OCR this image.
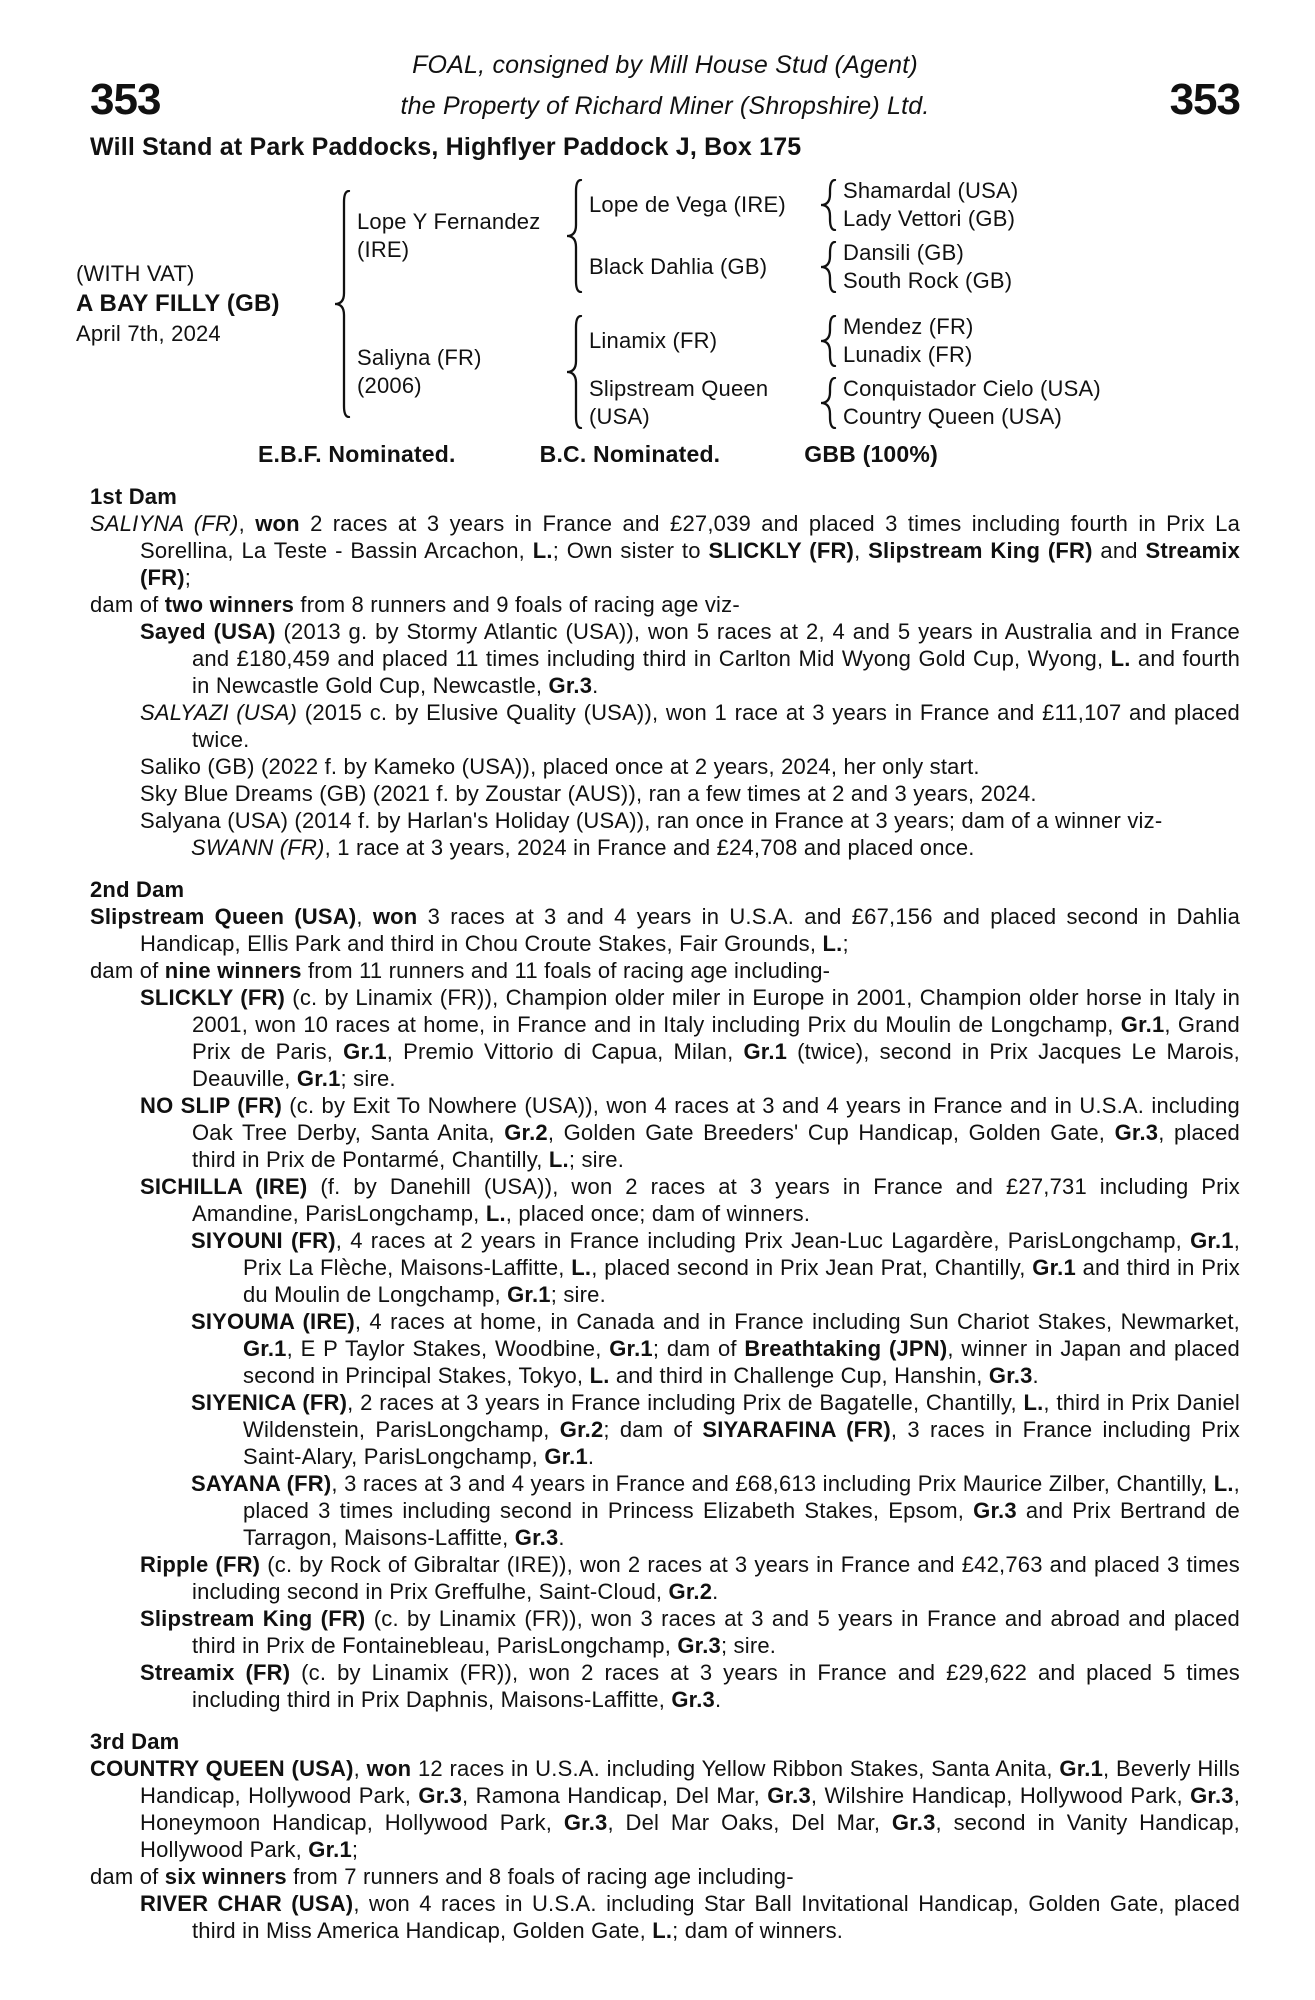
FOAL, consigned by Mill House Stud (Agent)
353	the Property of Richard Miner (Shropshire) Ltd.	353
Will Stand at Park Paddocks, Highflyer Paddock J, Box 175
(WITH VAT)
A BAY FILLY (GB)
April 7th, 2024
Lope Y Fernandez
(IRE)
Lope de Vega (IRE)
Shamardal (USA)
Lady Vettori (GB)
Black Dahlia (GB)
Dansili (GB)
South Rock (GB)
Saliyna (FR)
(2006)
Linamix (FR)
Mendez (FR)
Lunadix (FR)
Slipstream Queen
(USA)
Conquistador Cielo (USA)
Country Queen (USA)
E.B.F. Nominated.	B.C. Nominated.	GBB (100%)
1st Dam

SALIYNA (FR), won 2 races at 3 years in France and £27,039 and placed 3 times including fourth in Prix La Sorellina, La Teste - Bassin Arcachon, L.; Own sister to SLICKLY (FR), Slipstream King (FR) and Streamix (FR);

dam of two winners from 8 runners and 9 foals of racing age viz-

Sayed (USA) (2013 g. by Stormy Atlantic (USA)), won 5 races at 2, 4 and 5 years in Australia and in France and £180,459 and placed 11 times including third in Carlton Mid Wyong Gold Cup, Wyong, L. and fourth in Newcastle Gold Cup, Newcastle, Gr.3.

SALYAZI (USA) (2015 c. by Elusive Quality (USA)), won 1 race at 3 years in France and £11,107 and placed twice.

Saliko (GB) (2022 f. by Kameko (USA)), placed once at 2 years, 2024, her only start.

Sky Blue Dreams (GB) (2021 f. by Zoustar (AUS)), ran a few times at 2 and 3 years, 2024.

Salyana (USA) (2014 f. by Harlan's Holiday (USA)), ran once in France at 3 years; dam of a winner viz-

SWANN (FR), 1 race at 3 years, 2024 in France and £24,708 and placed once.

2nd Dam

Slipstream Queen (USA), won 3 races at 3 and 4 years in U.S.A. and £67,156 and placed second in Dahlia Handicap, Ellis Park and third in Chou Croute Stakes, Fair Grounds, L.;

dam of nine winners from 11 runners and 11 foals of racing age including-

SLICKLY (FR) (c. by Linamix (FR)), Champion older miler in Europe in 2001, Champion older horse in Italy in 2001, won 10 races at home, in France and in Italy including Prix du Moulin de Longchamp, Gr.1, Grand Prix de Paris, Gr.1, Premio Vittorio di Capua, Milan, Gr.1 (twice), second in Prix Jacques Le Marois, Deauville, Gr.1; sire.

NO SLIP (FR) (c. by Exit To Nowhere (USA)), won 4 races at 3 and 4 years in France and in U.S.A. including Oak Tree Derby, Santa Anita, Gr.2, Golden Gate Breeders' Cup Handicap, Golden Gate, Gr.3, placed third in Prix de Pontarmé, Chantilly, L.; sire.

SICHILLA (IRE) (f. by Danehill (USA)), won 2 races at 3 years in France and £27,731 including Prix Amandine, ParisLongchamp, L., placed once; dam of winners.

SIYOUNI (FR), 4 races at 2 years in France including Prix Jean-Luc Lagardère, ParisLongchamp, Gr.1, Prix La Flèche, Maisons-Laffitte, L., placed second in Prix Jean Prat, Chantilly, Gr.1 and third in Prix du Moulin de Longchamp, Gr.1; sire.

SIYOUMA (IRE), 4 races at home, in Canada and in France including Sun Chariot Stakes, Newmarket, Gr.1, E P Taylor Stakes, Woodbine, Gr.1; dam of Breathtaking (JPN), winner in Japan and placed second in Principal Stakes, Tokyo, L. and third in Challenge Cup, Hanshin, Gr.3.

SIYENICA (FR), 2 races at 3 years in France including Prix de Bagatelle, Chantilly, L., third in Prix Daniel Wildenstein, ParisLongchamp, Gr.2; dam of SIYARAFINA (FR), 3 races in France including Prix Saint-Alary, ParisLongchamp, Gr.1.

SAYANA (FR), 3 races at 3 and 4 years in France and £68,613 including Prix Maurice Zilber, Chantilly, L., placed 3 times including second in Princess Elizabeth Stakes, Epsom, Gr.3 and Prix Bertrand de Tarragon, Maisons-Laffitte, Gr.3.

Ripple (FR) (c. by Rock of Gibraltar (IRE)), won 2 races at 3 years in France and £42,763 and placed 3 times including second in Prix Greffulhe, Saint-Cloud, Gr.2.

Slipstream King (FR) (c. by Linamix (FR)), won 3 races at 3 and 5 years in France and abroad and placed third in Prix de Fontainebleau, ParisLongchamp, Gr.3; sire.

Streamix (FR) (c. by Linamix (FR)), won 2 races at 3 years in France and £29,622 and placed 5 times including third in Prix Daphnis, Maisons-Laffitte, Gr.3.

3rd Dam

COUNTRY QUEEN (USA), won 12 races in U.S.A. including Yellow Ribbon Stakes, Santa Anita, Gr.1, Beverly Hills Handicap, Hollywood Park, Gr.3, Ramona Handicap, Del Mar, Gr.3, Wilshire Handicap, Hollywood Park, Gr.3, Honeymoon Handicap, Hollywood Park, Gr.3, Del Mar Oaks, Del Mar, Gr.3, second in Vanity Handicap, Hollywood Park, Gr.1;

dam of six winners from 7 runners and 8 foals of racing age including-

RIVER CHAR (USA), won 4 races in U.S.A. including Star Ball Invitational Handicap, Golden Gate, placed third in Miss America Handicap, Golden Gate, L.; dam of winners.
